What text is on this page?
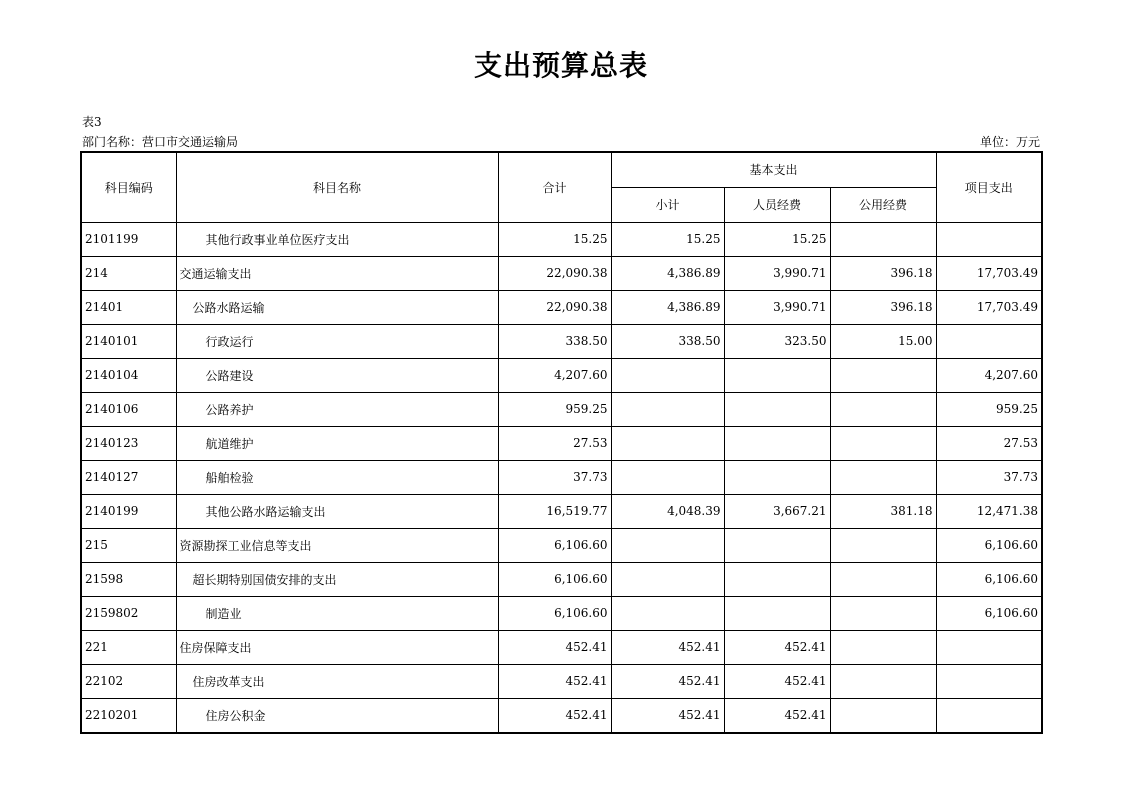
支出预算总表
表3
部门名称：营口市交通运输局	单位：万元
科目编码	科目名称	合计	基本支出			项目支出
			小计	人员经费	公用经费	
2101199	其他行政事业单位医疗支出	15.25	15.25	15.25		
214	交通运输支出	22,090.38	4,386.89	3,990.71	396.18	17,703.49
21401	公路水路运输	22,090.38	4,386.89	3,990.71	396.18	17,703.49
2140101	行政运行	338.50	338.50	323.50	15.00	
2140104	公路建设	4,207.60				4,207.60
2140106	公路养护	959.25				959.25
2140123	航道维护	27.53				27.53
2140127	船舶检验	37.73				37.73
2140199	其他公路水路运输支出	16,519.77	4,048.39	3,667.21	381.18	12,471.38
215	资源勘探工业信息等支出	6,106.60				6,106.60
21598	超长期特别国债安排的支出	6,106.60				6,106.60
2159802	制造业	6,106.60				6,106.60
221	住房保障支出	452.41	452.41	452.41		
22102	住房改革支出	452.41	452.41	452.41		
2210201	住房公积金	452.41	452.41	452.41		
